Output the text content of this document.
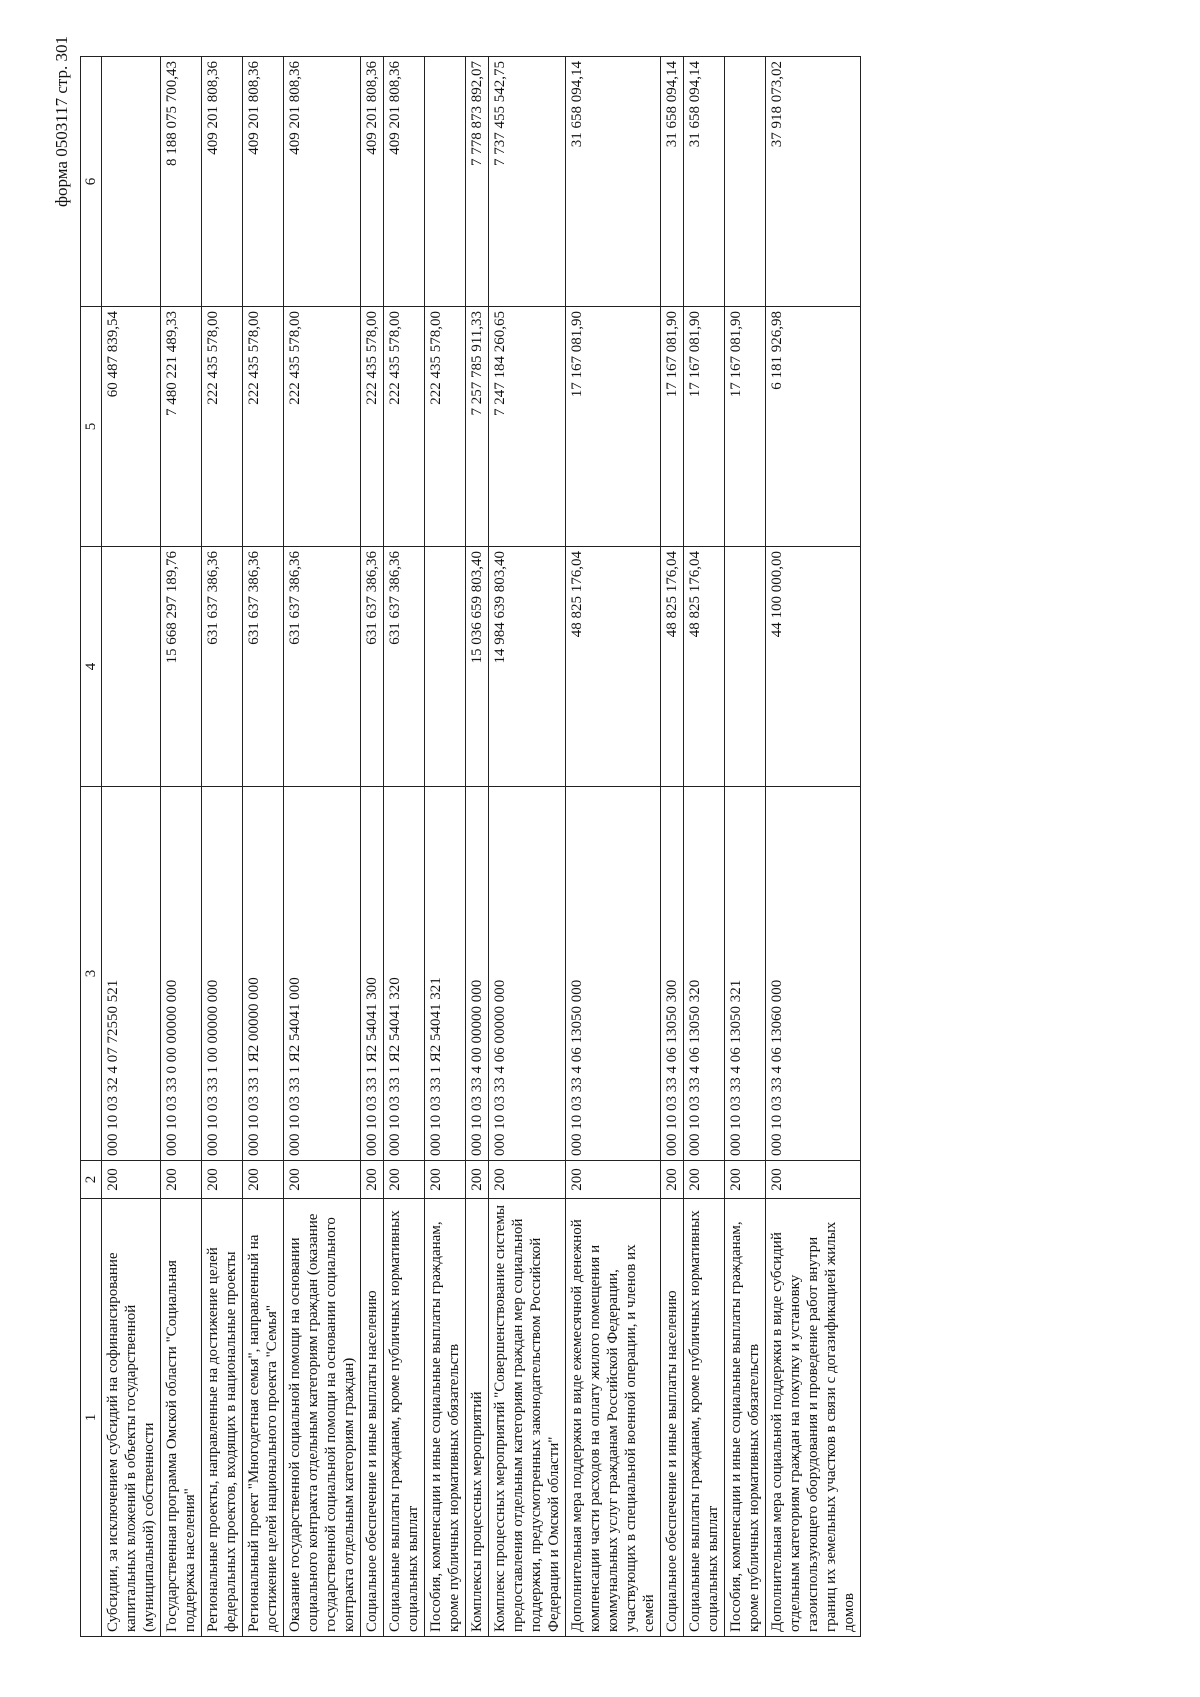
форма 0503117 стр. 301
1	2	3	4	5	6
Субсидии, за исключением субсидий на софинансирование капитальных вложений в объекты государственной (муниципальной) собственности	200	000 10 03 32 4 07 72550 521		60 487 839,54	
Государственная программа Омской области "Социальная поддержка населения"	200	000 10 03 33 0 00 00000 000	15 668 297 189,76	7 480 221 489,33	8 188 075 700,43
Региональные проекты, направленные на достижение целей федеральных проектов, входящих в национальные проекты	200	000 10 03 33 1 00 00000 000	631 637 386,36	222 435 578,00	409 201 808,36
Региональный проект "Многодетная семья", направленный на достижение целей национального проекта "Семья"	200	000 10 03 33 1 Я2 00000 000	631 637 386,36	222 435 578,00	409 201 808,36
Оказание государственной социальной помощи на основании социального контракта отдельным категориям граждан (оказание государственной социальной помощи на основании социального контракта отдельным категориям граждан)	200	000 10 03 33 1 Я2 54041 000	631 637 386,36	222 435 578,00	409 201 808,36
Социальное обеспечение и иные выплаты населению	200	000 10 03 33 1 Я2 54041 300	631 637 386,36	222 435 578,00	409 201 808,36
Социальные выплаты гражданам, кроме публичных нормативных социальных выплат	200	000 10 03 33 1 Я2 54041 320	631 637 386,36	222 435 578,00	409 201 808,36
Пособия, компенсации и иные социальные выплаты гражданам, кроме публичных нормативных обязательств	200	000 10 03 33 1 Я2 54041 321		222 435 578,00	
Комплексы процессных мероприятий	200	000 10 03 33 4 00 00000 000	15 036 659 803,40	7 257 785 911,33	7 778 873 892,07
Комплекс процессных мероприятий "Совершенствование системы предоставления отдельным категориям граждан мер социальной поддержки, предусмотренных законодательством Российской Федерации и Омской области"	200	000 10 03 33 4 06 00000 000	14 984 639 803,40	7 247 184 260,65	7 737 455 542,75
Дополнительная мера поддержки в виде ежемесячной денежной компенсации части расходов на оплату жилого помещения и коммунальных услуг гражданам Российской Федерации, участвующих в специальной военной операции, и членов их семей	200	000 10 03 33 4 06 13050 000	48 825 176,04	17 167 081,90	31 658 094,14
Социальное обеспечение и иные выплаты населению	200	000 10 03 33 4 06 13050 300	48 825 176,04	17 167 081,90	31 658 094,14
Социальные выплаты гражданам, кроме публичных нормативных социальных выплат	200	000 10 03 33 4 06 13050 320	48 825 176,04	17 167 081,90	31 658 094,14
Пособия, компенсации и иные социальные выплаты гражданам, кроме публичных нормативных обязательств	200	000 10 03 33 4 06 13050 321		17 167 081,90	
Дополнительная мера социальной поддержки в виде субсидий отдельным категориям граждан на покупку и установку газоиспользующего оборудования и проведение работ внутри границ их земельных участков в связи с догазификацией жилых домов	200	000 10 03 33 4 06 13060 000	44 100 000,00	6 181 926,98	37 918 073,02
